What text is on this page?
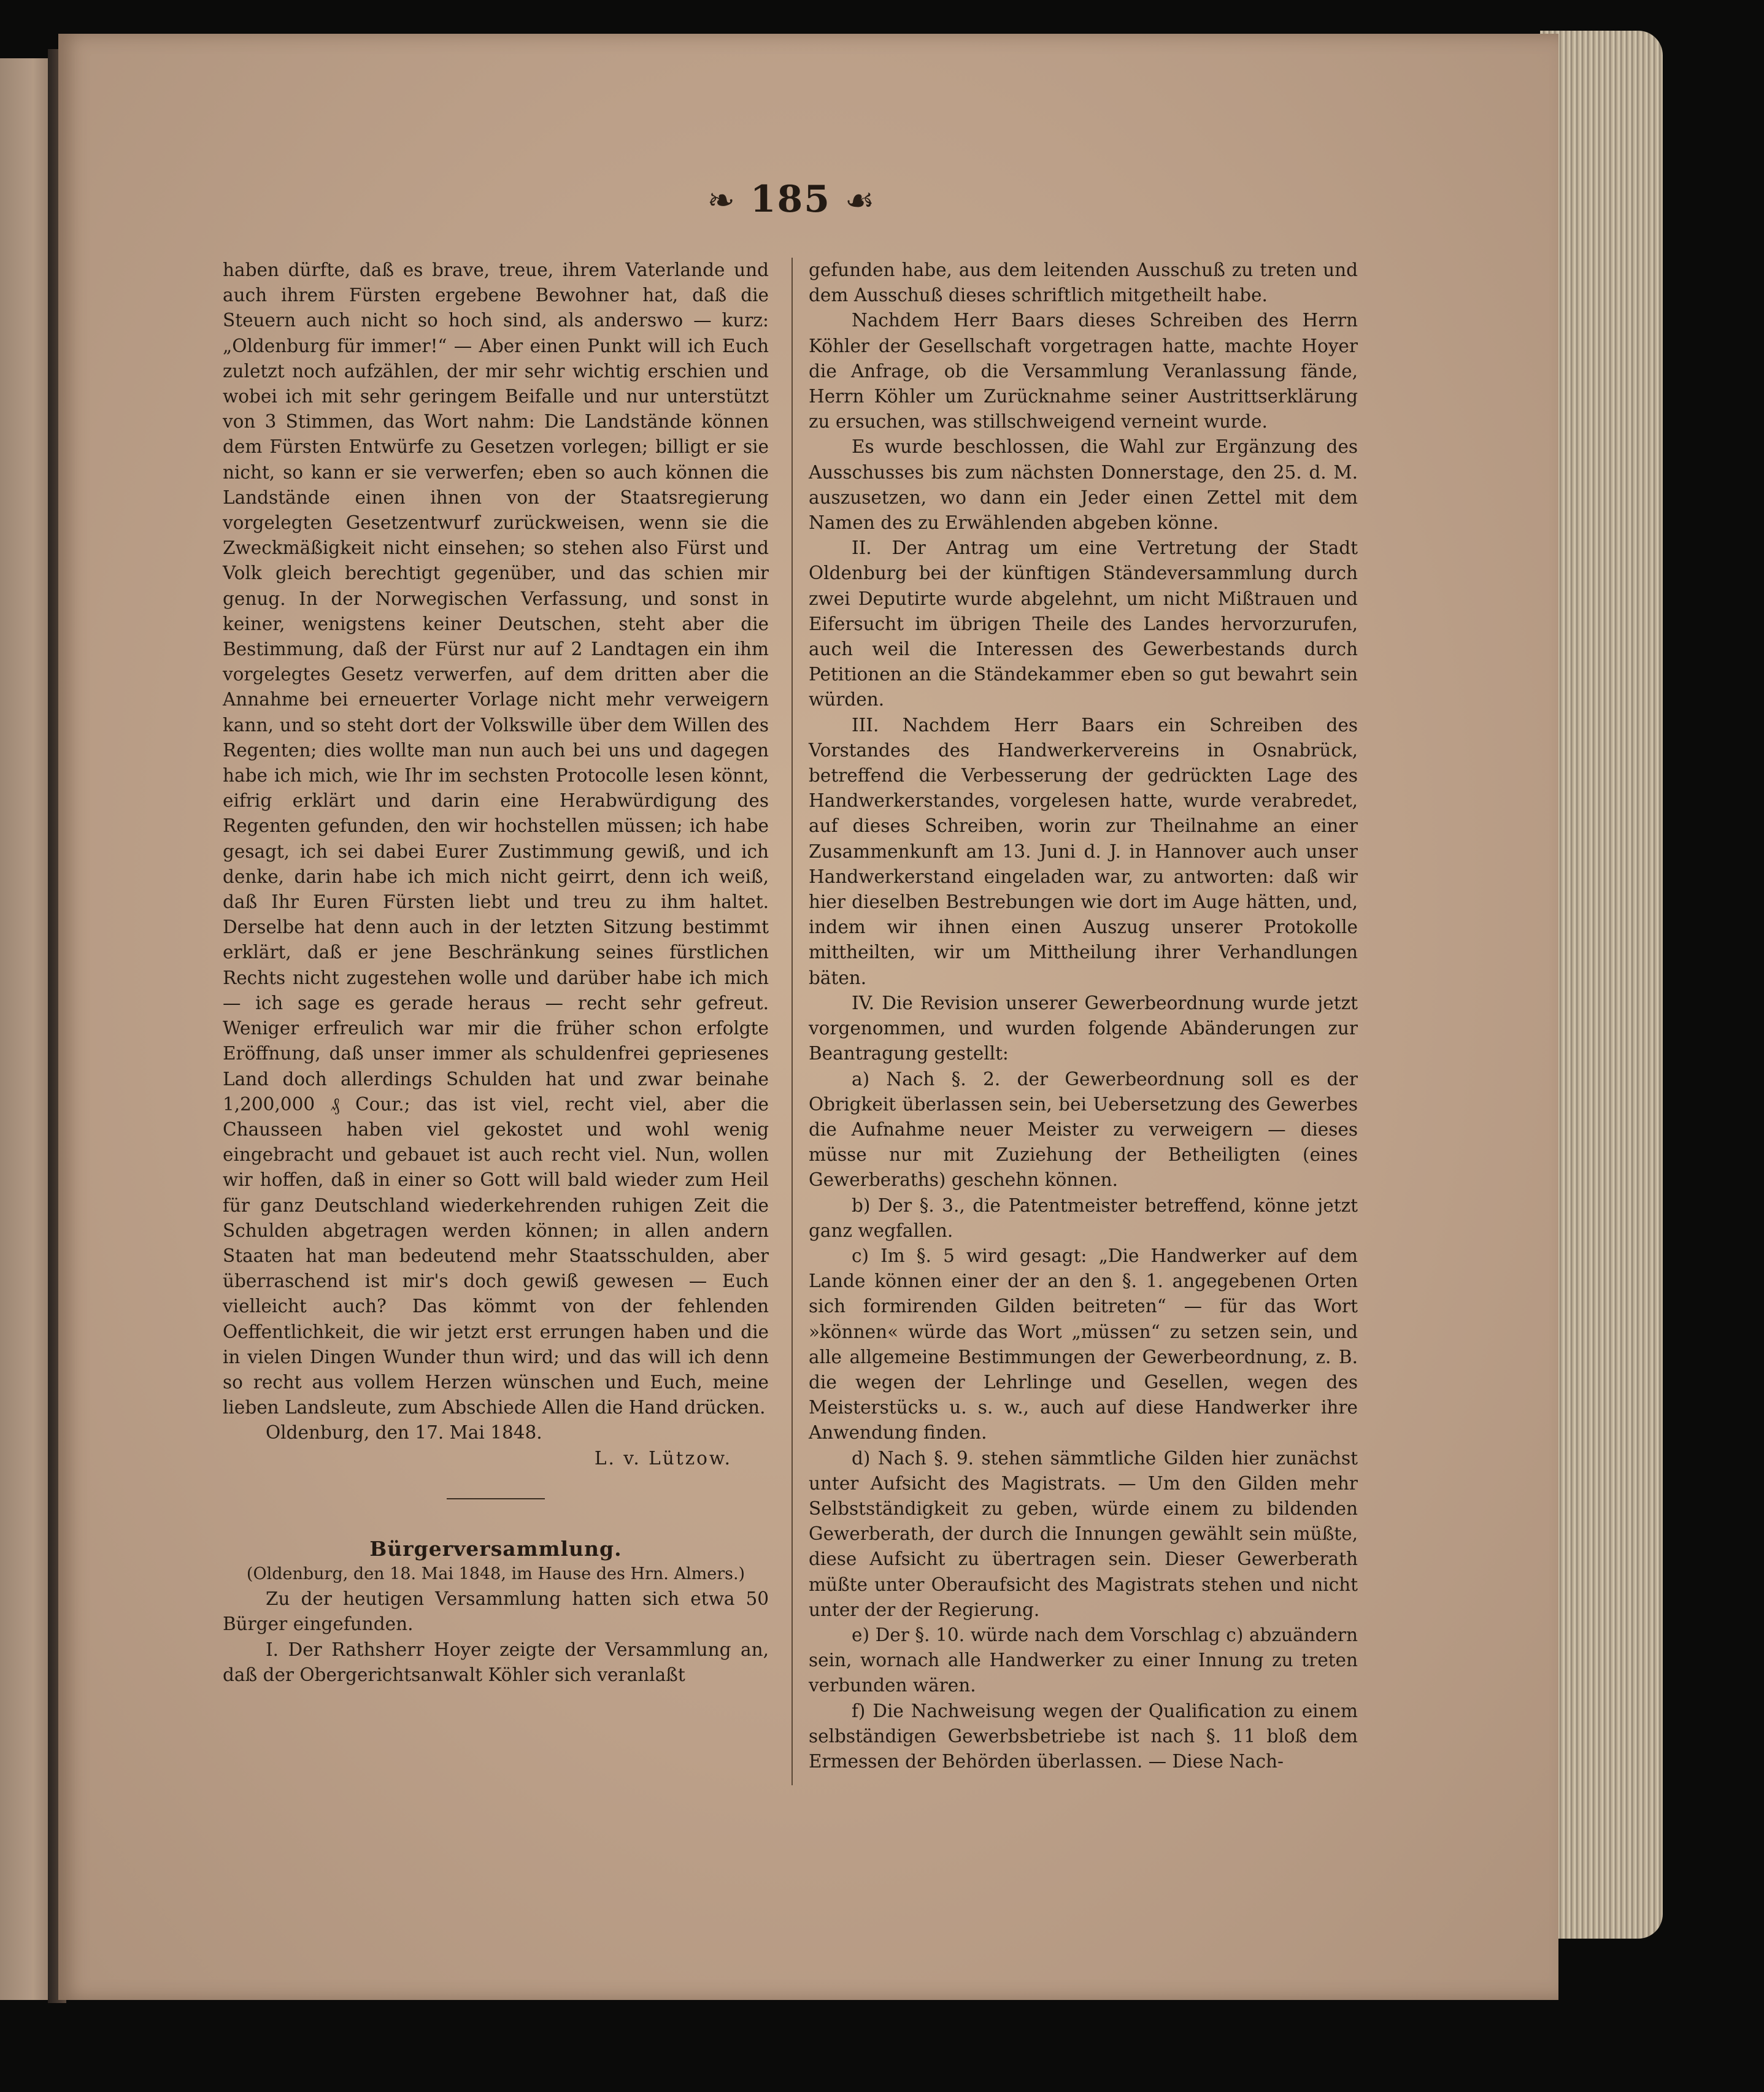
❧ 185 ☙

haben dürfte, daß es brave, treue, ihrem Vaterlande und auch ihrem Fürsten ergebene Bewohner hat, daß die Steuern auch nicht so hoch sind, als anderswo — kurz: „Oldenburg für immer!“ — Aber einen Punkt will ich Euch zuletzt noch aufzählen, der mir sehr wichtig erschien und wobei ich mit sehr geringem Beifalle und nur unterstützt von 3 Stimmen, das Wort nahm: Die Landstände können dem Fürsten Entwürfe zu Gesetzen vorlegen; billigt er sie nicht, so kann er sie verwerfen; eben so auch können die Landstände einen ihnen von der Staatsregierung vorgelegten Gesetzentwurf zurückweisen, wenn sie die Zweckmäßigkeit nicht einsehen; so stehen also Fürst und Volk gleich berechtigt gegenüber, und das schien mir genug. In der Norwegischen Verfassung, und sonst in keiner, wenigstens keiner Deutschen, steht aber die Bestimmung, daß der Fürst nur auf 2 Landtagen ein ihm vorgelegtes Gesetz verwerfen, auf dem dritten aber die Annahme bei erneuerter Vorlage nicht mehr verweigern kann, und so steht dort der Volkswille über dem Willen des Regenten; dies wollte man nun auch bei uns und dagegen habe ich mich, wie Ihr im sechsten Protocolle lesen könnt, eifrig erklärt und darin eine Herabwürdigung des Regenten gefunden, den wir hochstellen müssen; ich habe gesagt, ich sei dabei Eurer Zustimmung gewiß, und ich denke, darin habe ich mich nicht geirrt, denn ich weiß, daß Ihr Euren Fürsten liebt und treu zu ihm haltet. Derselbe hat denn auch in der letzten Sitzung bestimmt erklärt, daß er jene Beschränkung seines fürstlichen Rechts nicht zugestehen wolle und darüber habe ich mich — ich sage es gerade heraus — recht sehr gefreut. Weniger erfreulich war mir die früher schon erfolgte Eröffnung, daß unser immer als schuldenfrei gepriesenes Land doch allerdings Schulden hat und zwar beinahe 1,200,000 ₰ Cour.; das ist viel, recht viel, aber die Chausseen haben viel gekostet und wohl wenig eingebracht und gebauet ist auch recht viel. Nun, wollen wir hoffen, daß in einer so Gott will bald wieder zum Heil für ganz Deutschland wiederkehrenden ruhigen Zeit die Schulden abgetragen werden können; in allen andern Staaten hat man bedeutend mehr Staatsschulden, aber überraschend ist mir's doch gewiß gewesen — Euch vielleicht auch? Das kömmt von der fehlenden Oeffentlichkeit, die wir jetzt erst errungen haben und die in vielen Dingen Wunder thun wird; und das will ich denn so recht aus vollem Herzen wünschen und Euch, meine lieben Landsleute, zum Abschiede Allen die Hand drücken.

Oldenburg, den 17. Mai 1848.

L. v. Lützow.

Bürgerversammlung.

(Oldenburg, den 18. Mai 1848, im Hause des Hrn. Almers.)

Zu der heutigen Versammlung hatten sich etwa 50 Bürger eingefunden.

I. Der Rathsherr Hoyer zeigte der Versammlung an, daß der Obergerichtsanwalt Köhler sich veranlaßt

gefunden habe, aus dem leitenden Ausschuß zu treten und dem Ausschuß dieses schriftlich mitgetheilt habe.

Nachdem Herr Baars dieses Schreiben des Herrn Köhler der Gesellschaft vorgetragen hatte, machte Hoyer die Anfrage, ob die Versammlung Veranlassung fände, Herrn Köhler um Zurücknahme seiner Austrittserklärung zu ersuchen, was stillschweigend verneint wurde.

Es wurde beschlossen, die Wahl zur Ergänzung des Ausschusses bis zum nächsten Donnerstage, den 25. d. M. auszusetzen, wo dann ein Jeder einen Zettel mit dem Namen des zu Erwählenden abgeben könne.

II. Der Antrag um eine Vertretung der Stadt Oldenburg bei der künftigen Ständeversammlung durch zwei Deputirte wurde abgelehnt, um nicht Mißtrauen und Eifersucht im übrigen Theile des Landes hervorzurufen, auch weil die Interessen des Gewerbestands durch Petitionen an die Ständekammer eben so gut bewahrt sein würden.

III. Nachdem Herr Baars ein Schreiben des Vorstandes des Handwerkervereins in Osnabrück, betreffend die Verbesserung der gedrückten Lage des Handwerkerstandes, vorgelesen hatte, wurde verabredet, auf dieses Schreiben, worin zur Theilnahme an einer Zusammenkunft am 13. Juni d. J. in Hannover auch unser Handwerkerstand eingeladen war, zu antworten: daß wir hier dieselben Bestrebungen wie dort im Auge hätten, und, indem wir ihnen einen Auszug unserer Protokolle mittheilten, wir um Mittheilung ihrer Verhandlungen bäten.

IV. Die Revision unserer Gewerbeordnung wurde jetzt vorgenommen, und wurden folgende Abänderungen zur Beantragung gestellt:

a) Nach §. 2. der Gewerbeordnung soll es der Obrigkeit überlassen sein, bei Uebersetzung des Gewerbes die Aufnahme neuer Meister zu verweigern — dieses müsse nur mit Zuziehung der Betheiligten (eines Gewerberaths) geschehn können.

b) Der §. 3., die Patentmeister betreffend, könne jetzt ganz wegfallen.

c) Im §. 5 wird gesagt: „Die Handwerker auf dem Lande können einer der an den §. 1. angegebenen Orten sich formirenden Gilden beitreten“ — für das Wort »können« würde das Wort „müssen“ zu setzen sein, und alle allgemeine Bestimmungen der Gewerbeordnung, z. B. die wegen der Lehrlinge und Gesellen, wegen des Meisterstücks u. s. w., auch auf diese Handwerker ihre Anwendung finden.

d) Nach §. 9. stehen sämmtliche Gilden hier zunächst unter Aufsicht des Magistrats. — Um den Gilden mehr Selbstständigkeit zu geben, würde einem zu bildenden Gewerberath, der durch die Innungen gewählt sein müßte, diese Aufsicht zu übertragen sein. Dieser Gewerberath müßte unter Oberaufsicht des Magistrats stehen und nicht unter der der Regierung.

e) Der §. 10. würde nach dem Vorschlag c) abzuändern sein, wornach alle Handwerker zu einer Innung zu treten verbunden wären.

f) Die Nachweisung wegen der Qualification zu einem selbständigen Gewerbsbetriebe ist nach §. 11 bloß dem Ermessen der Behörden überlassen. — Diese Nach-
